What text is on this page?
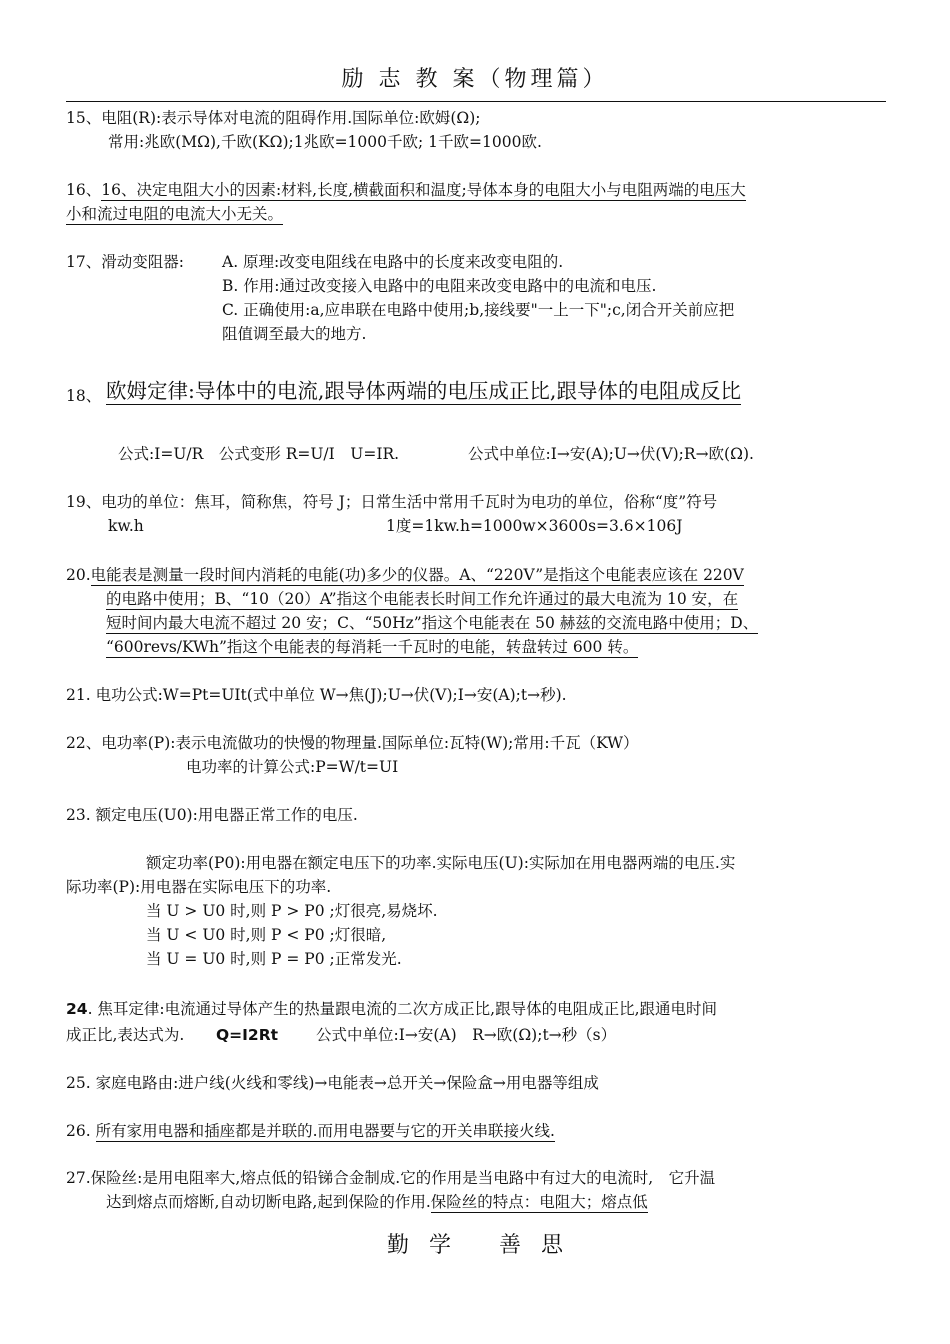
励 志 教 案（物理篇）
15、电阻(R):表示导体对电流的阻碍作用.国际单位:欧姆(Ω);
常用:兆欧(MΩ),千欧(KΩ);1兆欧=1000千欧; 1千欧=1000欧.
16、16、决定电阻大小的因素:材料,长度,横截面积和温度;导体本身的电阻大小与电阻两端的电压大
小和流过电阻的电流大小无关。
17、滑动变阻器: A. 原理:改变电阻线在电路中的长度来改变电阻的.
B. 作用:通过改变接入电路中的电阻来改变电路中的电流和电压.
C. 正确使用:a,应串联在电路中使用;b,接线要"一上一下";c,闭合开关前应把
阻值调至最大的地方.
18、 欧姆定律:导体中的电流,跟导体两端的电压成正比,跟导体的电阻成反比
公式:I=U/R　公式变形 R=U/I　U=IR.	公式中单位:I→安(A);U→伏(V);R→欧(Ω).
19、电功的单位：焦耳，简称焦，符号 J；日常生活中常用千瓦时为电功的单位，俗称“度”符号
kw.h	1度=1kw.h=1000w×3600s=3.6×106J
20.电能表是测量一段时间内消耗的电能(功)多少的仪器。A、“220V”是指这个电能表应该在 220V
的电路中使用；B、“10（20）A”指这个电能表长时间工作允许通过的最大电流为 10 安，在
短时间内最大电流不超过 20 安；C、“50Hz”指这个电能表在 50 赫兹的交流电路中使用；D、
“600revs/KWh”指这个电能表的每消耗一千瓦时的电能，转盘转过 600 转。
21. 电功公式:W=Pt=UIt(式中单位 W→焦(J);U→伏(V);I→安(A);t→秒).
22、电功率(P):表示电流做功的快慢的物理量.国际单位:瓦特(W);常用:千瓦（KW）
电功率的计算公式:P=W/t=UI
23. 额定电压(U0):用电器正常工作的电压.
额定功率(P0):用电器在额定电压下的功率.实际电压(U):实际加在用电器两端的电压.实
际功率(P):用电器在实际电压下的功率.
当 U > U0 时,则 P > P0 ;灯很亮,易烧坏.
当 U < U0 时,则 P < P0 ;灯很暗,
当 U = U0 时,则 P = P0 ;正常发光.
24. 焦耳定律:电流通过导体产生的热量跟电流的二次方成正比,跟导体的电阻成正比,跟通电时间
成正比,表达式为. Q=I2Rt 公式中单位:I→安(A)　R→欧(Ω);t→秒（s）
25. 家庭电路由:进户线(火线和零线)→电能表→总开关→保险盒→用电器等组成
26. 所有家用电器和插座都是并联的.而用电器要与它的开关串联接火线.
27.保险丝:是用电阻率大,熔点低的铅锑合金制成.它的作用是当电路中有过大的电流时,　它升温
达到熔点而熔断,自动切断电路,起到保险的作用.保险丝的特点：电阻大；熔点低
勤 学 善 思
